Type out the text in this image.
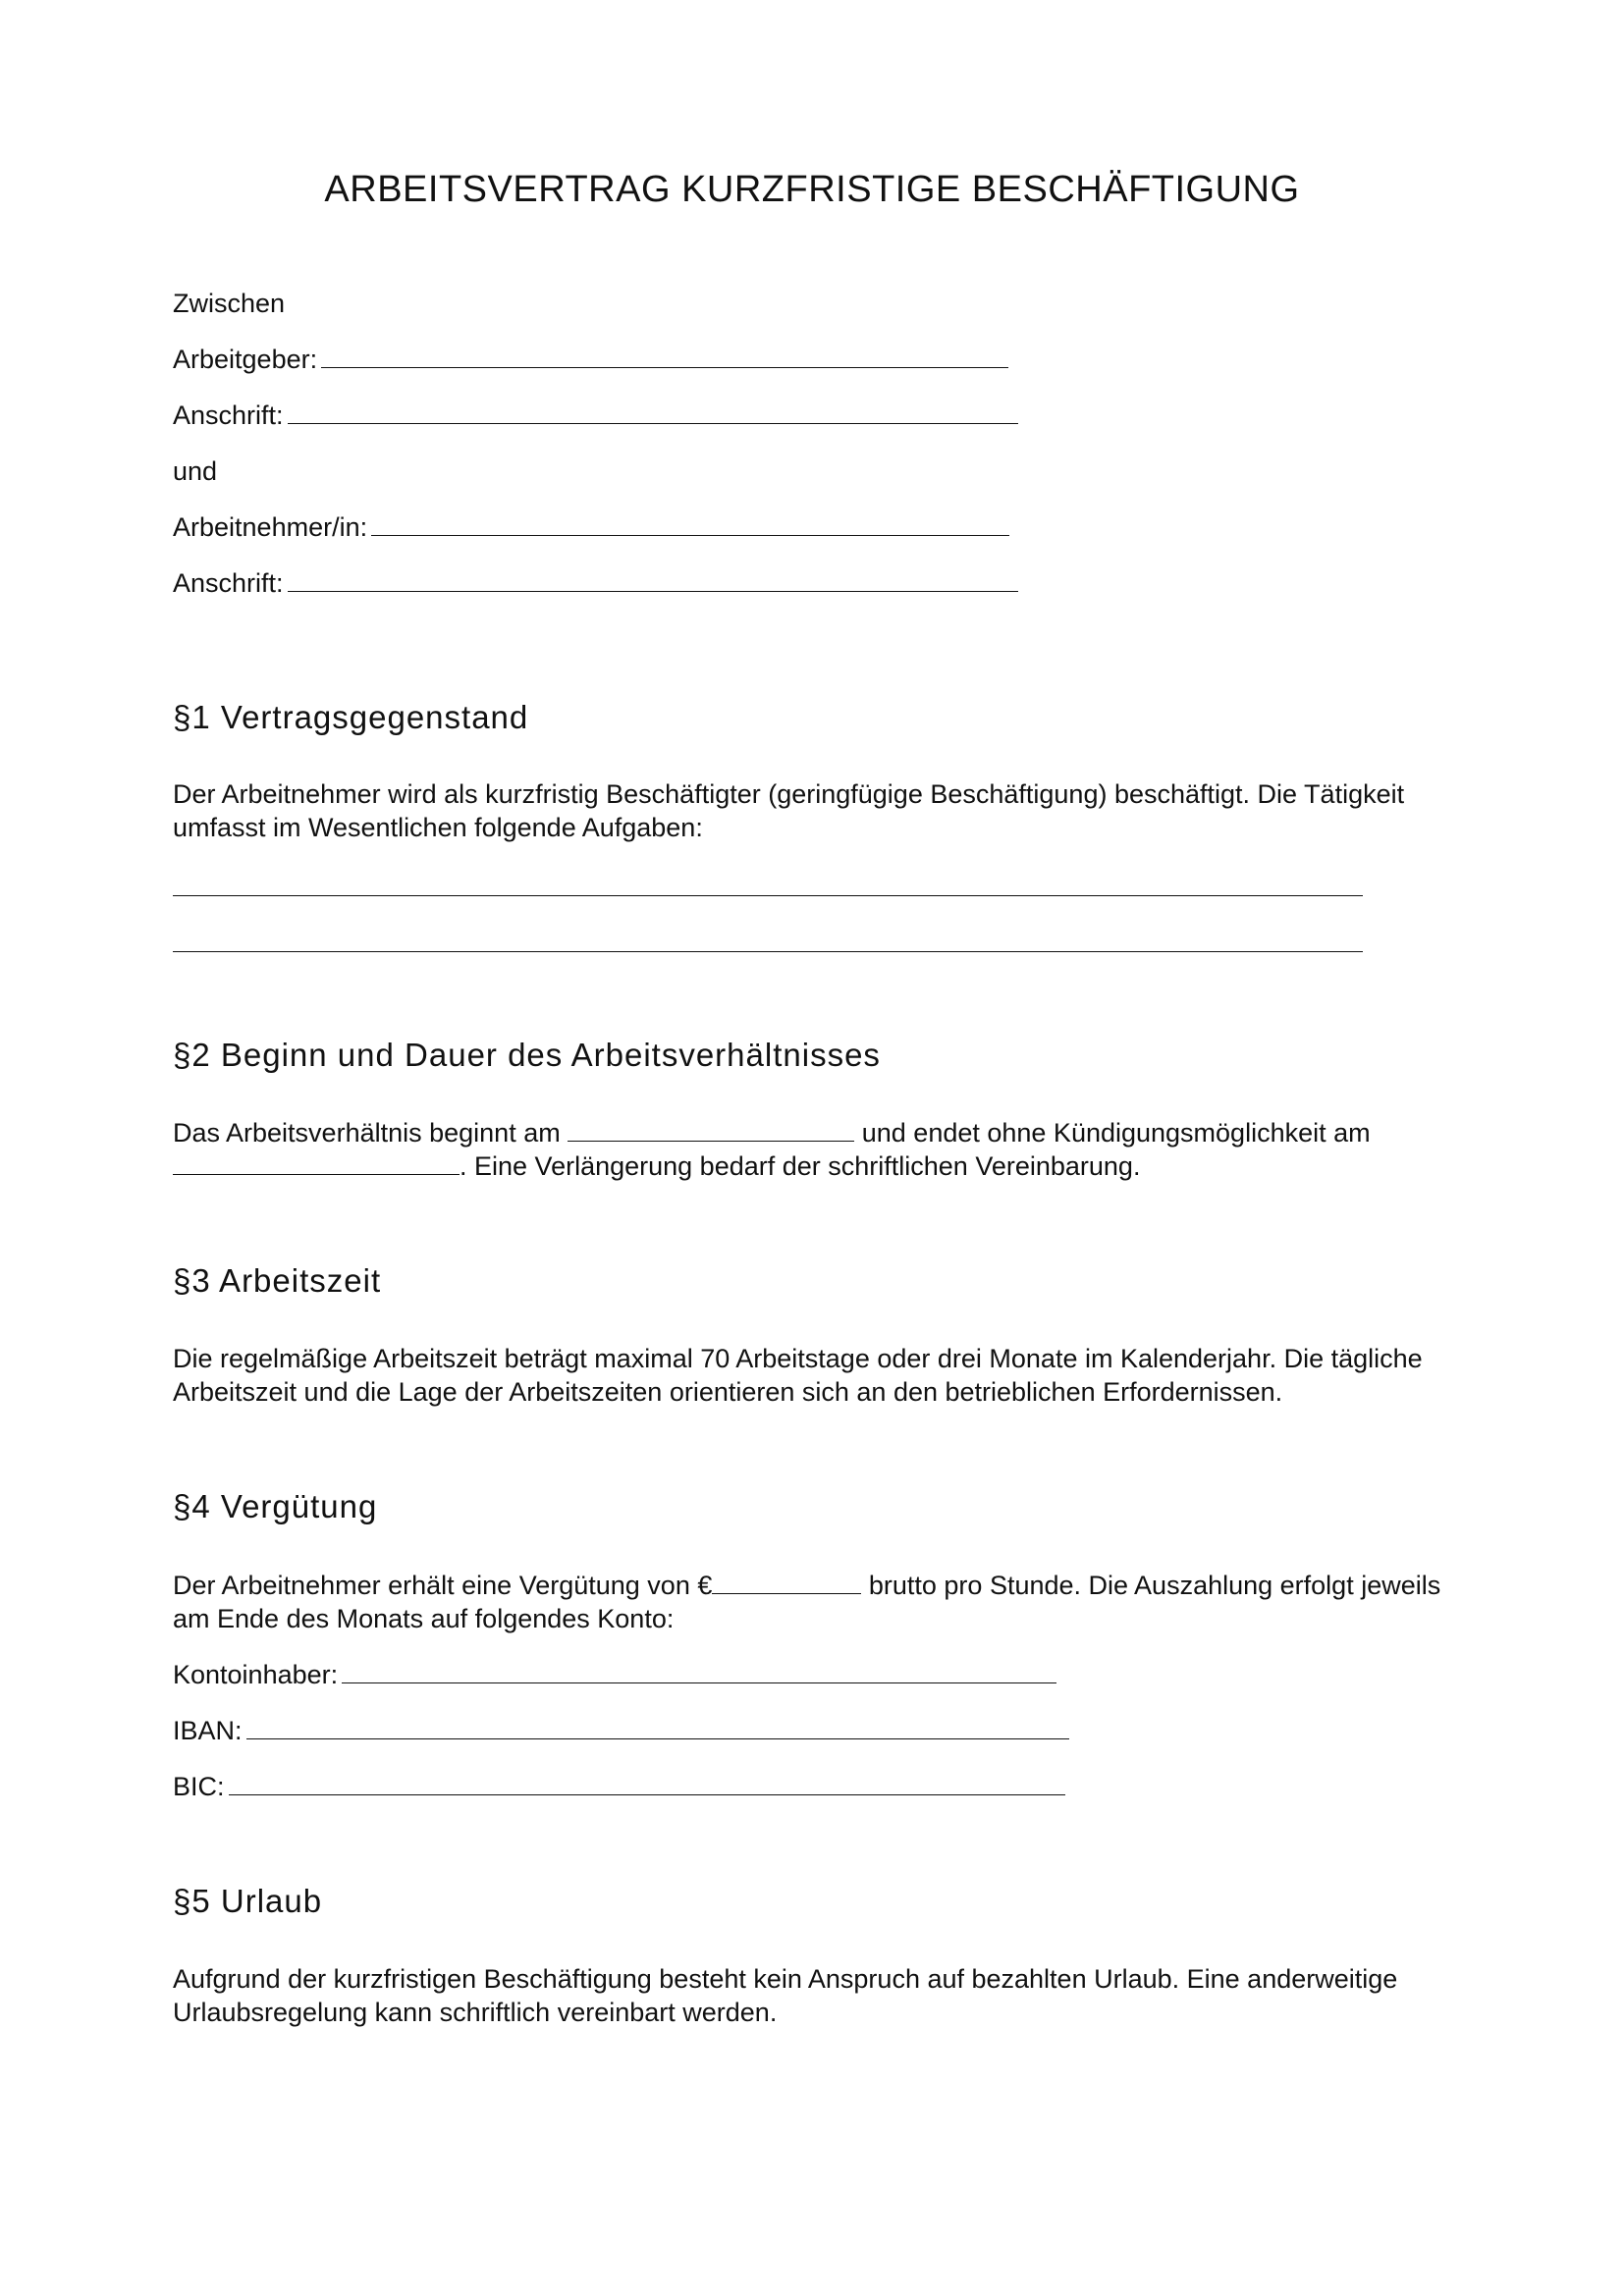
ARBEITSVERTRAG KURZFRISTIGE BESCHÄFTIGUNG
Zwischen
Arbeitgeber:
Anschrift:
und
Arbeitnehmer/in:
Anschrift:
§1 Vertragsgegenstand
Der Arbeitnehmer wird als kurzfristig Beschäftigter (geringfügige Beschäftigung) beschäftigt. Die Tätigkeit umfasst im Wesentlichen folgende Aufgaben:
§2 Beginn und Dauer des Arbeitsverhältnisses
Das Arbeitsverhältnis beginnt am	und endet ohne Kündigungsmöglichkeit am
. Eine Verlängerung bedarf der schriftlichen Vereinbarung.
§3 Arbeitszeit
Die regelmäßige Arbeitszeit beträgt maximal 70 Arbeitstage oder drei Monate im Kalenderjahr. Die tägliche Arbeitszeit und die Lage der Arbeitszeiten orientieren sich an den betrieblichen Erfordernissen.
§4 Vergütung
Der Arbeitnehmer erhält eine Vergütung von €	brutto pro Stunde. Die Auszahlung erfolgt jeweils am Ende des Monats auf folgendes Konto:
Kontoinhaber:
IBAN:
BIC:
§5 Urlaub
Aufgrund der kurzfristigen Beschäftigung besteht kein Anspruch auf bezahlten Urlaub. Eine anderweitige Urlaubsregelung kann schriftlich vereinbart werden.
